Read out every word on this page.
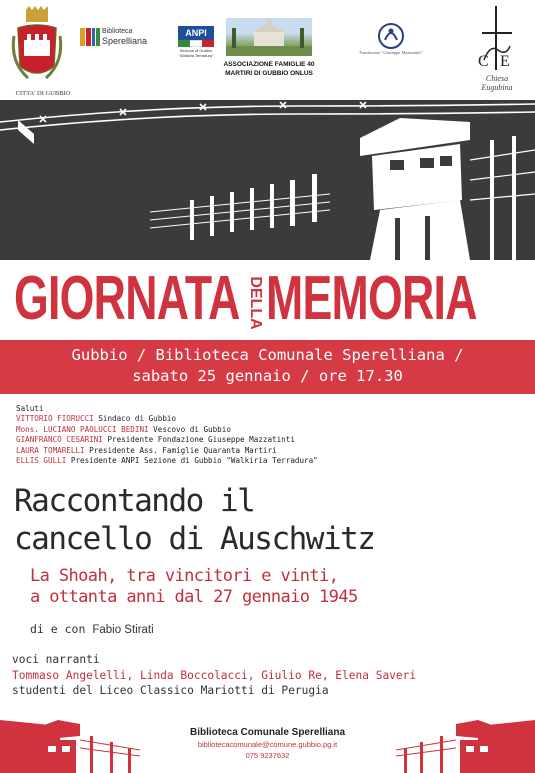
CITTA' DI GUBBIO
Biblioteca
Sperelliana
ANPI
Sezione di Gubbio "Walkiria Terradura"
ASSOCIAZIONE FAMIGLIE 40 MARTIRI DI GUBBIO ONLUS
Fondazione "Giuseppe Mazzatinti"
E
C
Chiesa
Eugubina
GIORNATA DELLA MEMORIA
Gubbio / Biblioteca Comunale Sperelliana /
sabato 25 gennaio / ore 17.30
Saluti
VITTORIO FIORUCCI Sindaco di Gubbio
Mons. LUCIANO PAOLUCCI BEDINI Vescovo di Gubbio
GIANFRANCO CESARINI Presidente Fondazione Giuseppe Mazzatinti
LAURA TOMARELLI Presidente Ass. Famiglie Quaranta Martiri
ELLIS GULLI Presidente ANPI Sezione di Gubbio "Walkiria Terradura"
Raccontando il
cancello di Auschwitz
La Shoah, tra vincitori e vinti,
a ottanta anni dal 27 gennaio 1945
di e con Fabio Stirati
voci narranti
Tommaso Angelelli, Linda Boccolacci, Giulio Re, Elena Saveri
studenti del Liceo Classico Mariotti di Perugia
Biblioteca Comunale Sperelliana
bibliotecacomunale@comune.gubbio.pg.it
075 9237632
